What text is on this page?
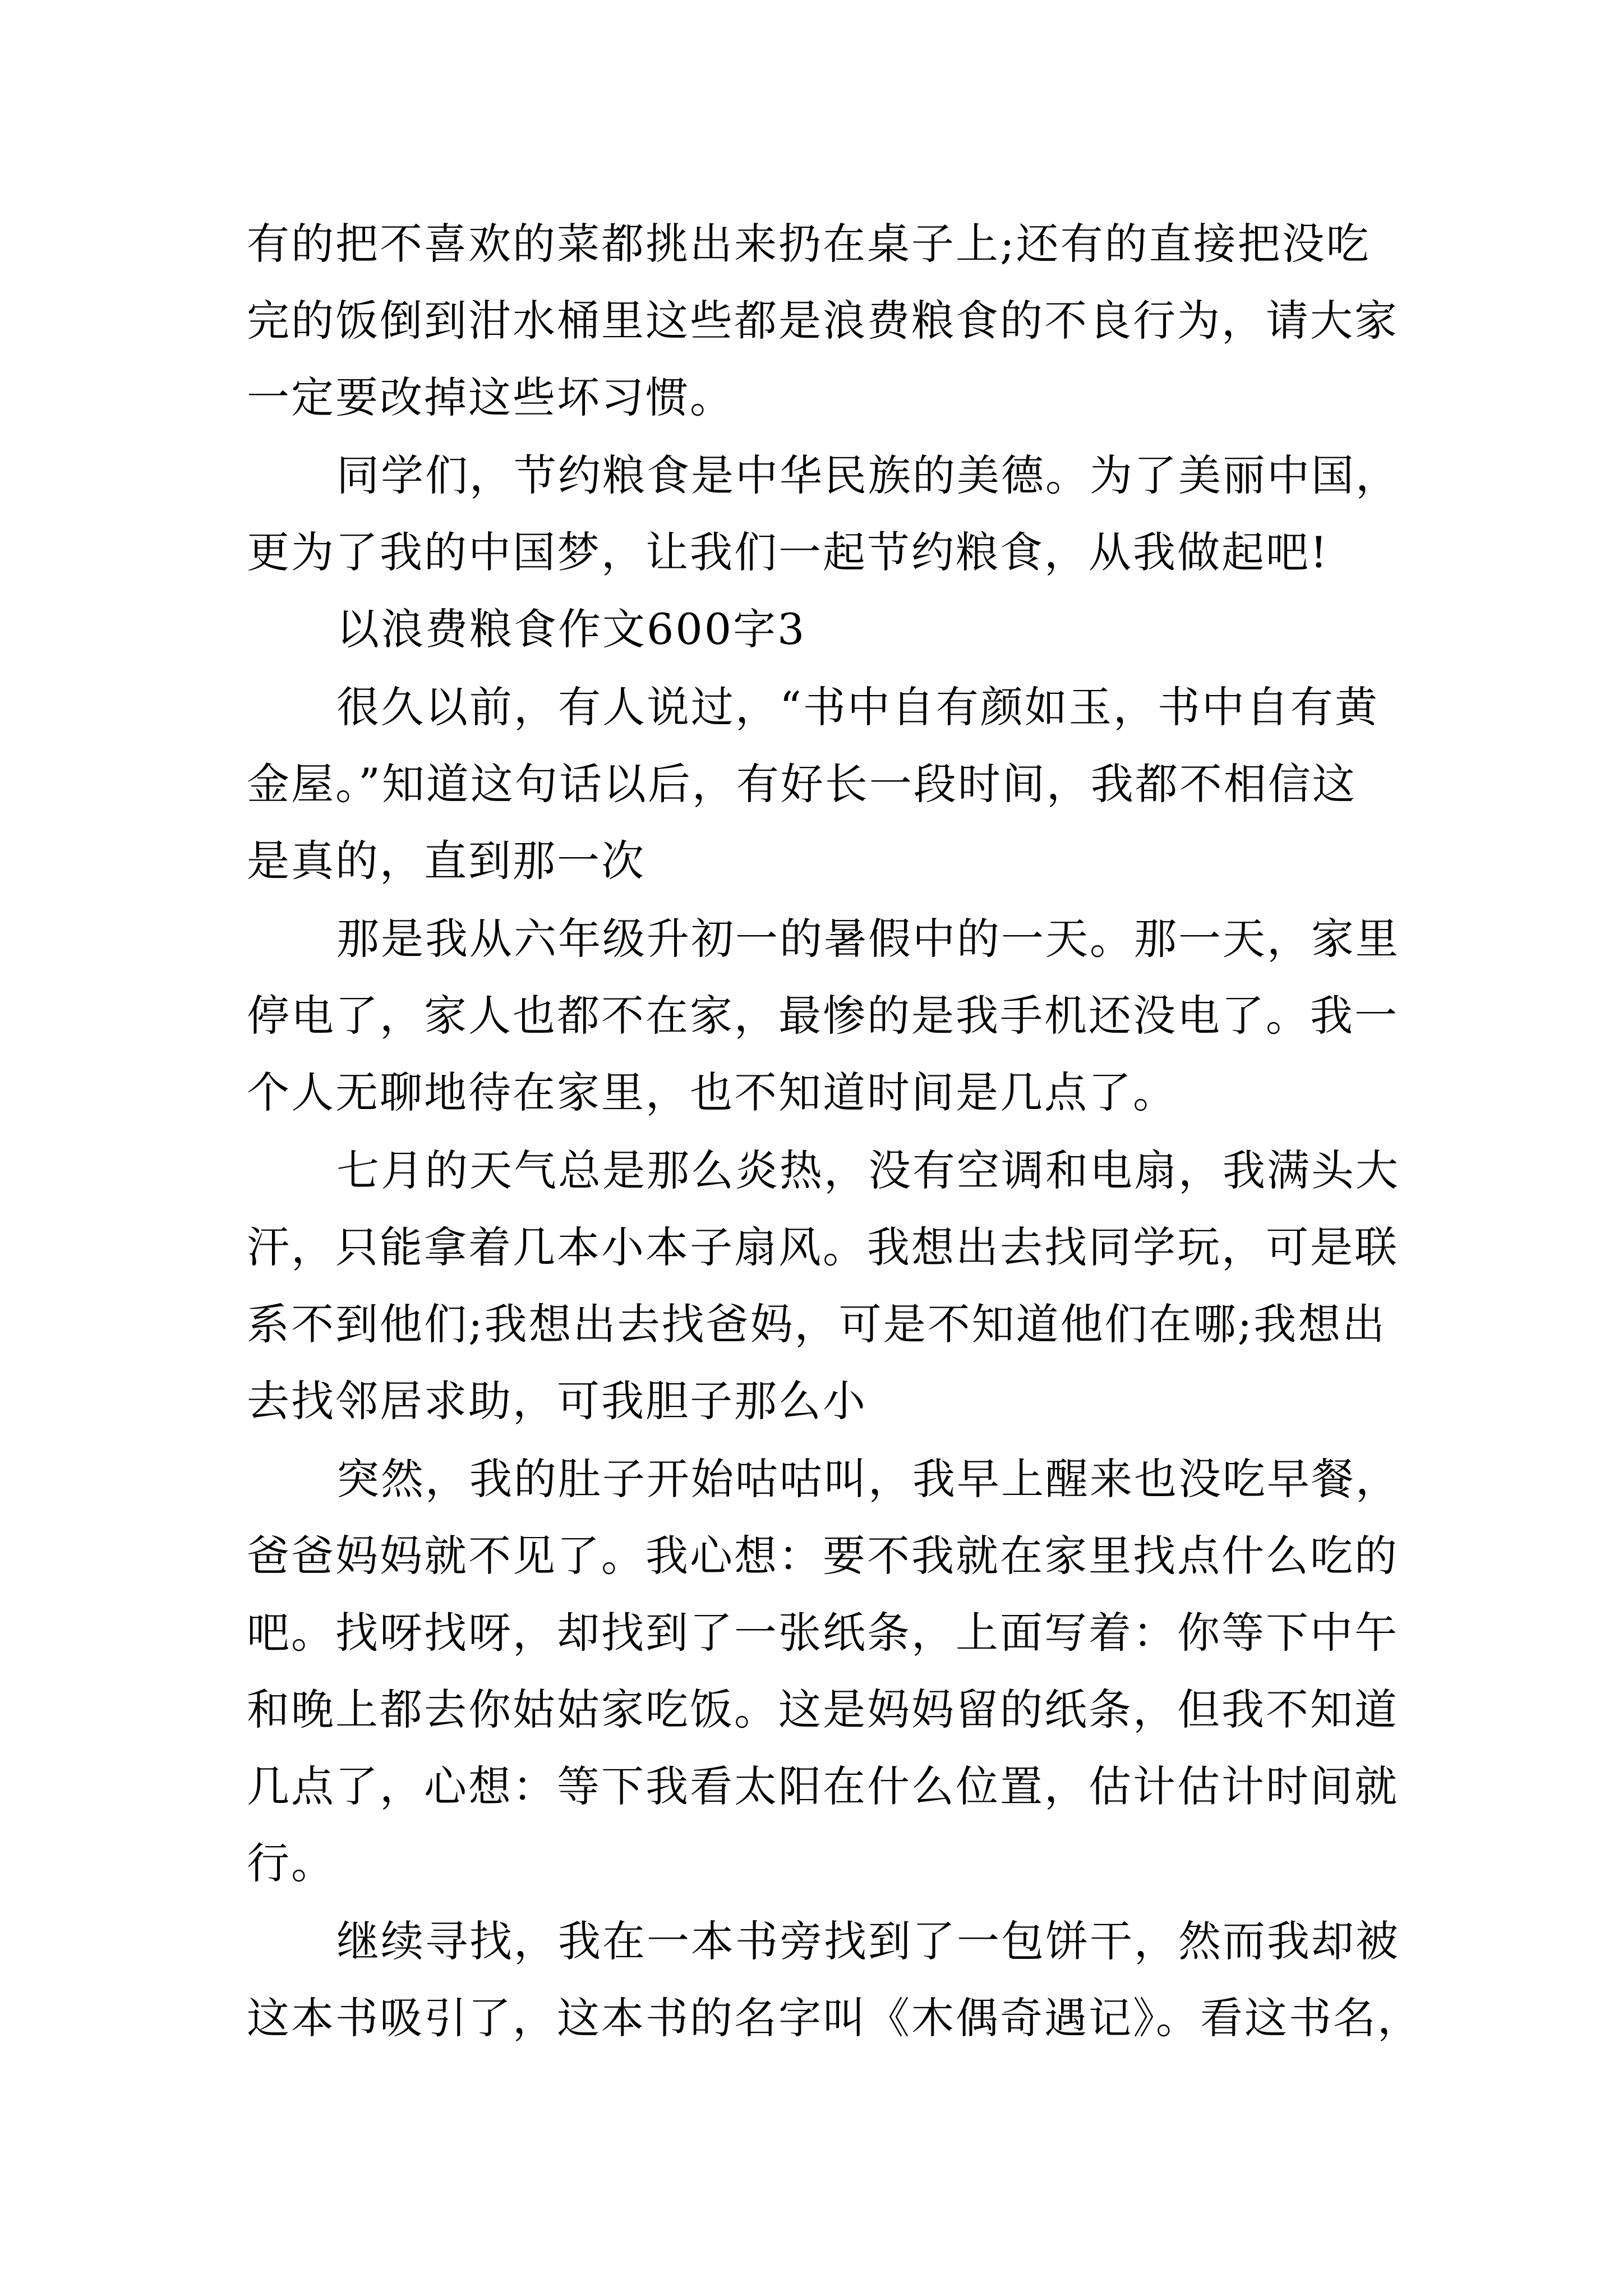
有的把不喜欢的菜都挑出来扔在桌子上;还有的直接把没吃
完的饭倒到泔水桶里这些都是浪费粮食的不良行为，请大家
一定要改掉这些坏习惯。
同学们，节约粮食是中华民族的美德。为了美丽中国，
更为了我的中国梦，让我们一起节约粮食，从我做起吧!
以浪费粮食作文600字3
很久以前，有人说过，“书中自有颜如玉，书中自有黄
金屋。”知道这句话以后，有好长一段时间，我都不相信这
是真的，直到那一次
那是我从六年级升初一的暑假中的一天。那一天，家里
停电了，家人也都不在家，最惨的是我手机还没电了。我一
个人无聊地待在家里，也不知道时间是几点了。
七月的天气总是那么炎热，没有空调和电扇，我满头大
汗，只能拿着几本小本子扇风。我想出去找同学玩，可是联
系不到他们;我想出去找爸妈，可是不知道他们在哪;我想出
去找邻居求助，可我胆子那么小
突然，我的肚子开始咕咕叫，我早上醒来也没吃早餐，
爸爸妈妈就不见了。我心想：要不我就在家里找点什么吃的
吧。找呀找呀，却找到了一张纸条，上面写着：你等下中午
和晚上都去你姑姑家吃饭。这是妈妈留的纸条，但我不知道
几点了，心想：等下我看太阳在什么位置，估计估计时间就
行。
继续寻找，我在一本书旁找到了一包饼干，然而我却被
这本书吸引了，这本书的名字叫《木偶奇遇记》。看这书名，
